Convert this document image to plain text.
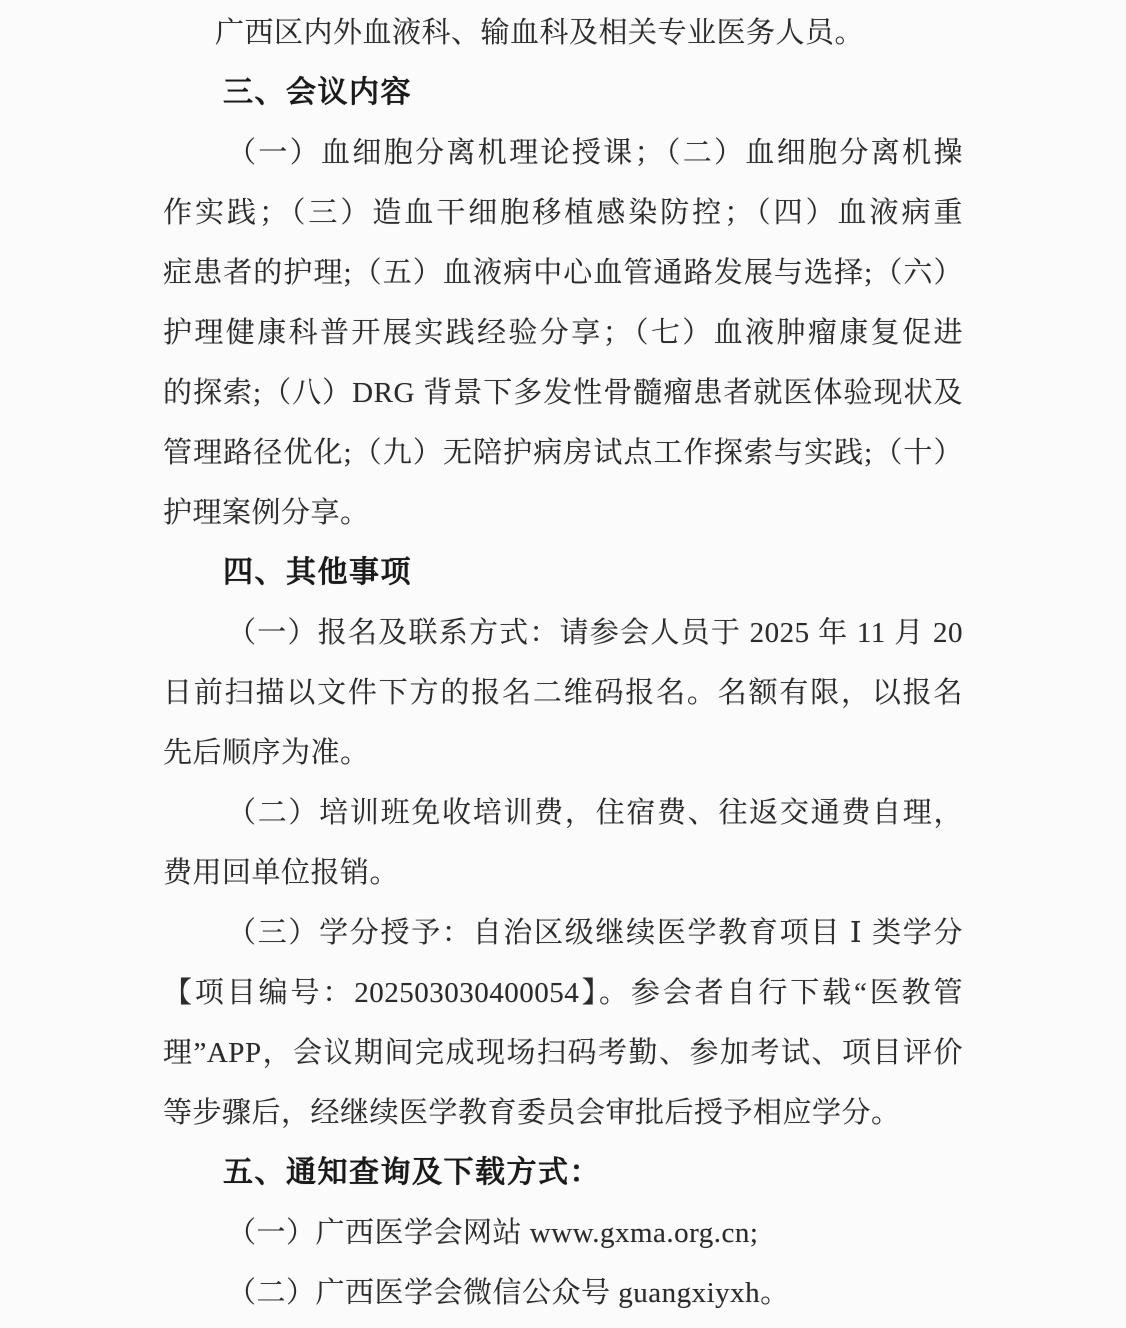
广西区内外血液科、输血科及相关专业医务人员。
三、会议内容
（一）血细胞分离机理论授课；（二）血细胞分离机操
作实践；（三）造血干细胞移植感染防控；（四）血液病重
症患者的护理;（五）血液病中心血管通路发展与选择;（六）
护理健康科普开展实践经验分享；（七）血液肿瘤康复促进
的探索;（八）DRG 背景下多发性骨髓瘤患者就医体验现状及
管理路径优化;（九）无陪护病房试点工作探索与实践;（十）
护理案例分享。
四、其他事项
（一）报名及联系方式：请参会人员于 2025 年 11 月 20
日前扫描以文件下方的报名二维码报名。名额有限，以报名
先后顺序为准。
（二）培训班免收培训费，住宿费、往返交通费自理，
费用回单位报销。
（三）学分授予：自治区级继续医学教育项目 Ⅰ 类学分
【项目编号：202503030400054】。参会者自行下载“医教管
理”APP，会议期间完成现场扫码考勤、参加考试、项目评价
等步骤后，经继续医学教育委员会审批后授予相应学分。
五、通知查询及下载方式：
（一）广西医学会网站 www.gxma.org.cn;
（二）广西医学会微信公众号 guangxiyxh。
